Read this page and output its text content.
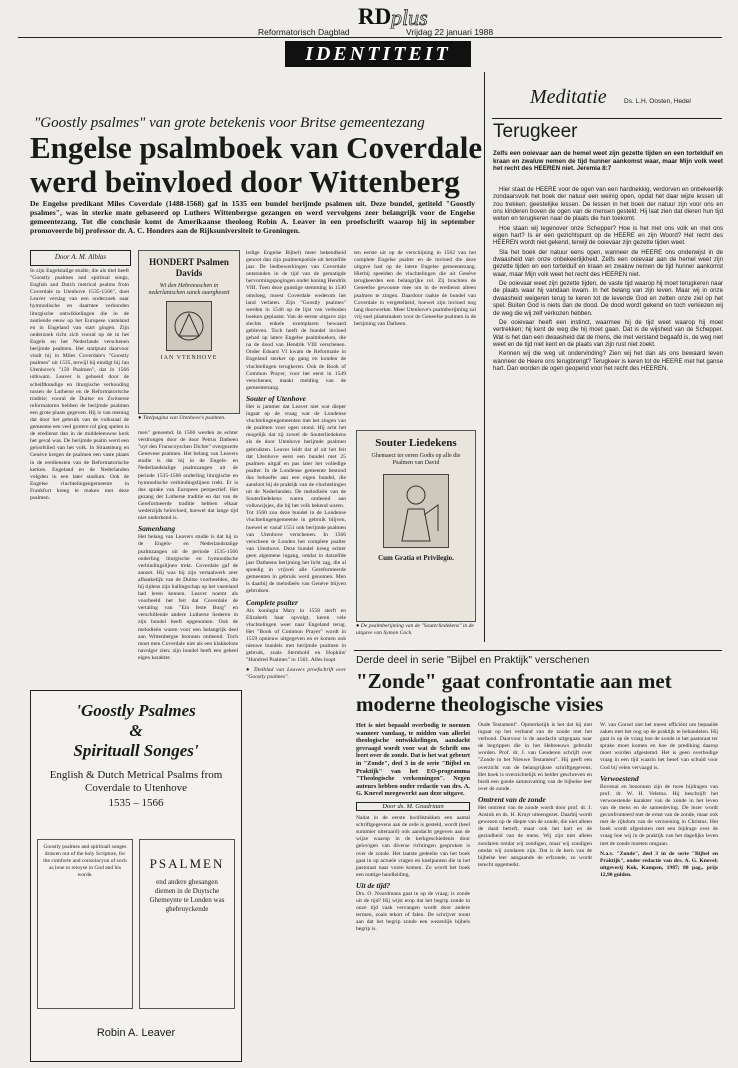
RD plus
Reformatorisch Dagblad	Vrijdag 22 januari 1988
IDENTITEIT
"Goostly psalmes" van grote betekenis voor Britse gemeentezang
Engelse psalmboek van Coverdale werd beïnvloed door Wittenberg
De Engelse predikant Miles Coverdale (1488-1568) gaf in 1535 een bundel berijmde psalmen uit. Deze bundel, getiteld "Goostly psalmes", was in sterke mate gebaseerd op Luthers Wittenbergse gezangen en werd vervolgens zeer belangrijk voor de Engelse gemeentezang. Tot die conclusie komt de Amerikaanse theoloog Robin A. Leaver in een proefschrift waarop hij in september promoveerde bij professor dr. A. C. Honders aan de Rijksuniversiteit te Groningen.
Door A. M. Alblas
In zijn Engelstalige studie, die als titel heeft "Goostly psalmes and spiritual songs, English and Dutch metrical psalms from Coverdale to Utenhove 1535-1566", doet Leaver verslag van een onderzoek naar hymnodische en daarmee verbonden liturgische ontwikkelingen die in de zestiende eeuw op het Europese vasteland en in Engeland van start gingen. Zijn onderzoek richt zich vooral op de in het Engels en het Nederlands verschenen berijmde psalmen. Het startpunt daarvoor vindt hij in Miles Coverdale's "Goostly psalmes" uit 1535, terwijl hij eindigt bij Jan Utenhove's "150 Psalmen", dat in 1566 uitkwam. Leaver is geboeid door de scheiftkundige en liturgische verhouding tussen de Lutherse en de Reformatorische traditie; vooral de Duitse en Zwitserse reformatoren hebben de berijmde psalmen een grote plaats gegeven. Hij is van mening dat door het gebruik van de volkstaal de gemeente een veel grotere rol ging spelen in de eredienst dan in de middeleeuwse kerk het geval was. De berijmde psalm werd een geloofslied van het volk. In Straatsburg en Genève kregen de psalmen een vaste plaats in de erediensten van de Reformatorische kerken. Engeland en de Nederlanden volgden in een later stadium. Ook de Engelse vluchtelingengemeente in Frankfort kreeg te maken met deze psalmen.
HONDERT Psalmen Davids
Wt den Hebreeuschen in nederlantschen sanck ouerghesett
IAN VTENHOVE
● Titelpagina van Utenhove's psalmen.
men" genoemd. In 1566 werden ze echter verdrongen door de door Petrus Datheen "uyt den Franscoyschen Dichte" overgezette Genevese psalmen. Het belang van Leavers studie is dat hij in de Engels- en Nederlandstalige psalmzangen uit de periode 1535-1566 onderling liturgische en hymnodische verbindingslijnen trekt. Er is dus sprake van Europees perspectief. Het gezang der Lutherse traditie en dat van de Gereformeerde traditie hebben elkaar wederzijds beïnvloed, hoewel dat lange tijd niet onderkend is.
Samenhang
Het belang van Leavers studie is dat hij in de Engels- en Nederlandstalige psalmzangen uit de periode 1535-1566 onderling liturgische en hymnodische verbindingslijnen trekt. Coverdale gaf de aanzet. Hij was bij zijn vertaalwerk zeer afhankelijk van de Duitse voorbeelden, die hij tijdens zijn ballingschap op het vasteland had leren kennen. Leaver noemt als voorbeeld het feit dat Coverdale de vertaling van "Ein feste Burg" en verschillende andere Lutherse liederen in zijn bundel heeft opgenomen. Ook de melodieën waren voor een belangrijk deel aan Wittenbergse bronnen ontleend. Toch moet men Coverdale niet als een klakkeloze navolger zien; zijn bundel heeft een geheel eigen karakter.
ledige Engelse Bijbel) meer bekendheid genoot dan zijn psalmenpoëzie uit hetzelfde jaar. De liedbewerkingen van Coverdale ontstonden in de tijd van de gematigde hervormingspogingen onder koning Hendrik VIII. Toen deze gunstige stemming in 1540 omsloeg, moest Coverdale wederom het land verlaten. Zijn "Goostly psalmes" werden in 1546 op de lijst van verboden boeken geplaatst. Van de eerste uitgave zijn slechts enkele exemplaren bewaard gebleven. Toch heeft de bundel invloed gehad op latere Engelse psalmboeken, die na de dood van Hendrik VIII verschenen. Onder Eduard VI kwam de Reformatie in Engeland sterker op gang en konden de vluchtelingen terugkeren. Ook de Book of Common Prayer, voor het eerst in 1549 verschenen, maakt melding van de gemeentezang.
Souter of Utenhove
Het is jammer dat Leaver niet wat dieper ingaat op de vraag wat de Londense vluchtelingengemeenten met het zingen van de psalmen voor ogen stond. Hij acht het mogelijk dat zij zowel de Souterliedekens als de door Utenhove berijmde psalmen gebruikten. Leaver leidt dat af uit het feit dat Utenhove eerst een bundel met 25 psalmen uitgaf en pas later het volledige psalter. In de Londense gemeente bestond dus behoefte aan een eigen bundel, die aansloot bij de praktijk van de vluchtelingen uit de Nederlanden. De melodieën van de Souterliedekens waren ontleend aan volkswijsjes, die bij het volk bekend waren.
Tot 1560 zou deze bundel in de Londense vluchtelingengemeente in gebruik blijven, hoewel er vanaf 1551 ook berijmde psalmen van Utenhove verschenen. In 1566 verscheen te Londen het complete psalter van Utenhove. Deze bundel kreeg echter geen algemene ingang, omdat in datzelfde jaar Datheens berijming het licht zag, die al spoedig in vrijwel alle Gereformeerde gemeenten in gebruik werd genomen. Men is daarbij de melodieën van Genève blijven gebruiken.
Complete psalter
Als koningin Mary in 1558 sterft en Elizabeth haar opvolgt, keren vele vluchtelingen weer naar Engeland terug. Het "Book of Common Prayer" wordt in 1559 opnieuw uitgegeven en er komen ook nieuwe bundels met berijmde psalmen in gebruik, zoals Sternhold en Hopkins' "Hundred Psalmes" in 1561. Alles loopt
● Titelblad van Leavers proefschrift over "Goostly psalmes".
ten eerste uit op de verschijning in 1562 van het complete Engelse psalter en de invloed die deze uitgave had op de latere Engelse gemeentezang. Hierbij speelden de vluchtelingen die uit Genève terugkeerden een belangrijke rol. Zij brachten de Geneefse gewoonte mee om in de eredienst alleen psalmen te zingen. Daardoor raakte de bundel van Coverdale in vergetelheid, hoewel zijn invloed nog lang doorwerkte. Meer Utenhove's psalmberijming zal vrij snel plaatsmaken voor de Geneefse psalmen in de berijming van Datheen.
Souter Liedekens
Ghemaect ter eeren Godts op alle die Psalmen van David
Cum Gratia et Privilegio.
● De psalmberijming van de "Souterliedekens" in de uitgave van Symon Cock.
'Goostly Psalmes
&
Spirituall Songes'
English & Dutch Metrical Psalms from Coverdale to Utenhove
1535 – 1566
Goostly psalmes and spirituall songes drawen out of the holy Scripture, for the comforte and consolacyon of soch as loue to reioyse in God and his worde.
PSALMEN
end andere ghesangen diemen in de Duytsche Ghemeynte te Londen was ghebruyckende
Robin A. Leaver
Meditatie	Ds. L.H. Oosten, Hedel
Terugkeer
Zelfs een ooievaar aan de hemel weet zijn gezette tijden en een tortelduif en kraan en zwaluw nemen de tijd hunner aankomst waar, maar Mijn volk weet het recht des HEEREN niet. Jeremia 8:7

Hier staat de HEERE voor de ogen van een hardnekkig, verdorven en onbekeerlijk zondaarsvolk het boek der natuur een weinig open, opdat het daar wijze lessen uit zou trekken; geestelijke lessen. De lessen in het boek der natuur zijn voor ons en ons kinderen boven de ogen van de mensen gesteld. Hij laat zien dat dieren hun tijd weten en terugkeren naar de plaats die hun toekomt.

Hoe staan wij tegenover onze Schepper? Hoe is het met ons volk en met ons eigen hart? Is er een gezichtspunt op de HEERE en zijn Woord? Het recht des HEEREN wordt niet gekend, terwijl de ooievaar zijn gezette tijden weet.

Sla het boek der natuur eens open, wanneer de HEERE ons onderwijst in de dwaasheid van onze onbekeerlijkheid. Zelfs een ooievaar aan de hemel weet zijn gezette tijden en een tortelduif en kraan en zwaluw nemen de tijd hunner aankomst waar, maar Mijn volk weet het recht des HEEREN niet.

De ooievaar weet zijn gezette tijden, de vaste tijd waarop hij moet terugkeren naar de plaats waar hij vandaan kwam. In het belang van zijn leven. Maar wij in onze dwaasheid weigeren terug te keren tot de levende God en zetten onze ziel op het spel. Buiten God is niets dan de dood. De dood wordt gekend en toch verkiezen wij de weg die wij zelf verkozen hebben.

De ooievaar heeft een instinct, waarmee hij de tijd weet waarop hij moet vertrekken; hij kent de weg die hij moet gaan. Dat is de wijsheid van de Schepper. Wat is het dan een dwaasheid dat de mens, die met verstand begaafd is, de weg niet weet en de tijd niet kent en de plaats van zijn rust niet zoekt.

Kennen wij die weg uit ondervinding? Zien wij het dan als ons bewaard leven wanneer de Heere ons terugbrengt? Terugkeer is keren tot de HEERE met het ganse hart. Dan worden de ogen geopend voor het recht des HEEREN.

Derde deel in serie "Bijbel en Praktijk" verschenen
"Zonde" gaat confrontatie aan met moderne theologische visies
Het is niet bepaald overbodig te noemen wanneer vandaag, te midden van allerlei theologische ontwikkelingen, aandacht gevraagd wordt voor wat de Schrift ons leert over de zonde. Dat is het wat gebeurt in "Zonde", deel 3 in de serie "Bijbel en Praktijk" van het EO-programma "Theologische verkenningen". Negen auteurs hebben onder redactie van drs. A. G. Knevel meegewerkt aan deze uitgave.
Door ds. M. Goudriaan
Nadat in de eerste hoofdstukken een aantal schriftgegevens aan de orde is gesteld, wordt (heel summier uiteraard) ook aandacht gegeven aan de wijze waarop in de kerkgeschiedenis door gelovigen van diverse richtingen gesproken is over de zonde. Het laatste gedeelte van het boek gaat in op actuele vragen en knelpunten die in het pastoraat naar voren komen. Zo wordt het boek een nuttige handleiding.
Uit de tijd?
Drs. O. Noordmans gaat in op de vraag: is zonde uit de tijd? Hij wijst erop dat het begrip zonde in onze tijd vaak vervangen wordt door andere termen, zoals tekort of falen. De schrijver toont aan dat het begrip zonde een wezenlijk bijbels begrip is.
Oude Testament". Opmerkelijk is het dat hij niet ingaat op het verband van de zonde met het verbond. Daarvoor is de aandacht uitgegaan naar de begrippen die in het Hebreeuws gebruikt worden. Prof. dr. J. van Genderen schrijft over "Zonde in het Nieuwe Testament". Hij geeft een overzicht van de belangrijkste schriftgegevens. Het boek is overzichtelijk en helder geschreven en biedt een goede samenvatting van de bijbelse leer over de zonde.
Omtrent van de zonde
Het omtrent van de zonde wordt door prof. dr. J. Ansink en ds. H. Kruyt uiteengezet. Daarbij wordt gewezen op de diepte van de zonde, die niet alleen de daad betreft, maar ook het hart en de gezindheid van de mens. Wij zijn niet alleen zondaren omdat wij zondigen, maar wij zondigen omdat wij zondaren zijn. Dat is de kern van de bijbelse leer aangaande de erfzonde, zo wordt terecht opgemerkt.
W. van Gorsel ziet het meest efficiënt om bepaalde zaken met het oog op de praktijk te behandelen. Hij gaat in op de vraag hoe de zonde in het pastoraat ter sprake moet komen en hoe de prediking daarop moet worden afgestemd. Het is geen overbodige vraag in een tijd waarin het besef van schuld voor God bij velen vervaagd is.
Verwoestend
Bovenal en bezonnen zijn de twee bijdragen van prof. dr. W. H. Velema. Hij beschrijft het verwoestende karakter van de zonde in het leven van de mens en de samenleving. De lezer wordt geconfronteerd met de ernst van de zonde, maar ook met de rijkdom van de verzoening in Christus. Het boek wordt afgesloten met een bijdrage over de vraag hoe wij in de praktijk van het dagelijks leven met de zonde moeten omgaan.
N.a.v. "Zonde", deel 3 in de serie "Bijbel en Praktijk", onder redactie van drs. A. G. Knevel; uitgeverij Kok, Kampen, 1987; 80 pag., prijs 12,90 gulden.
